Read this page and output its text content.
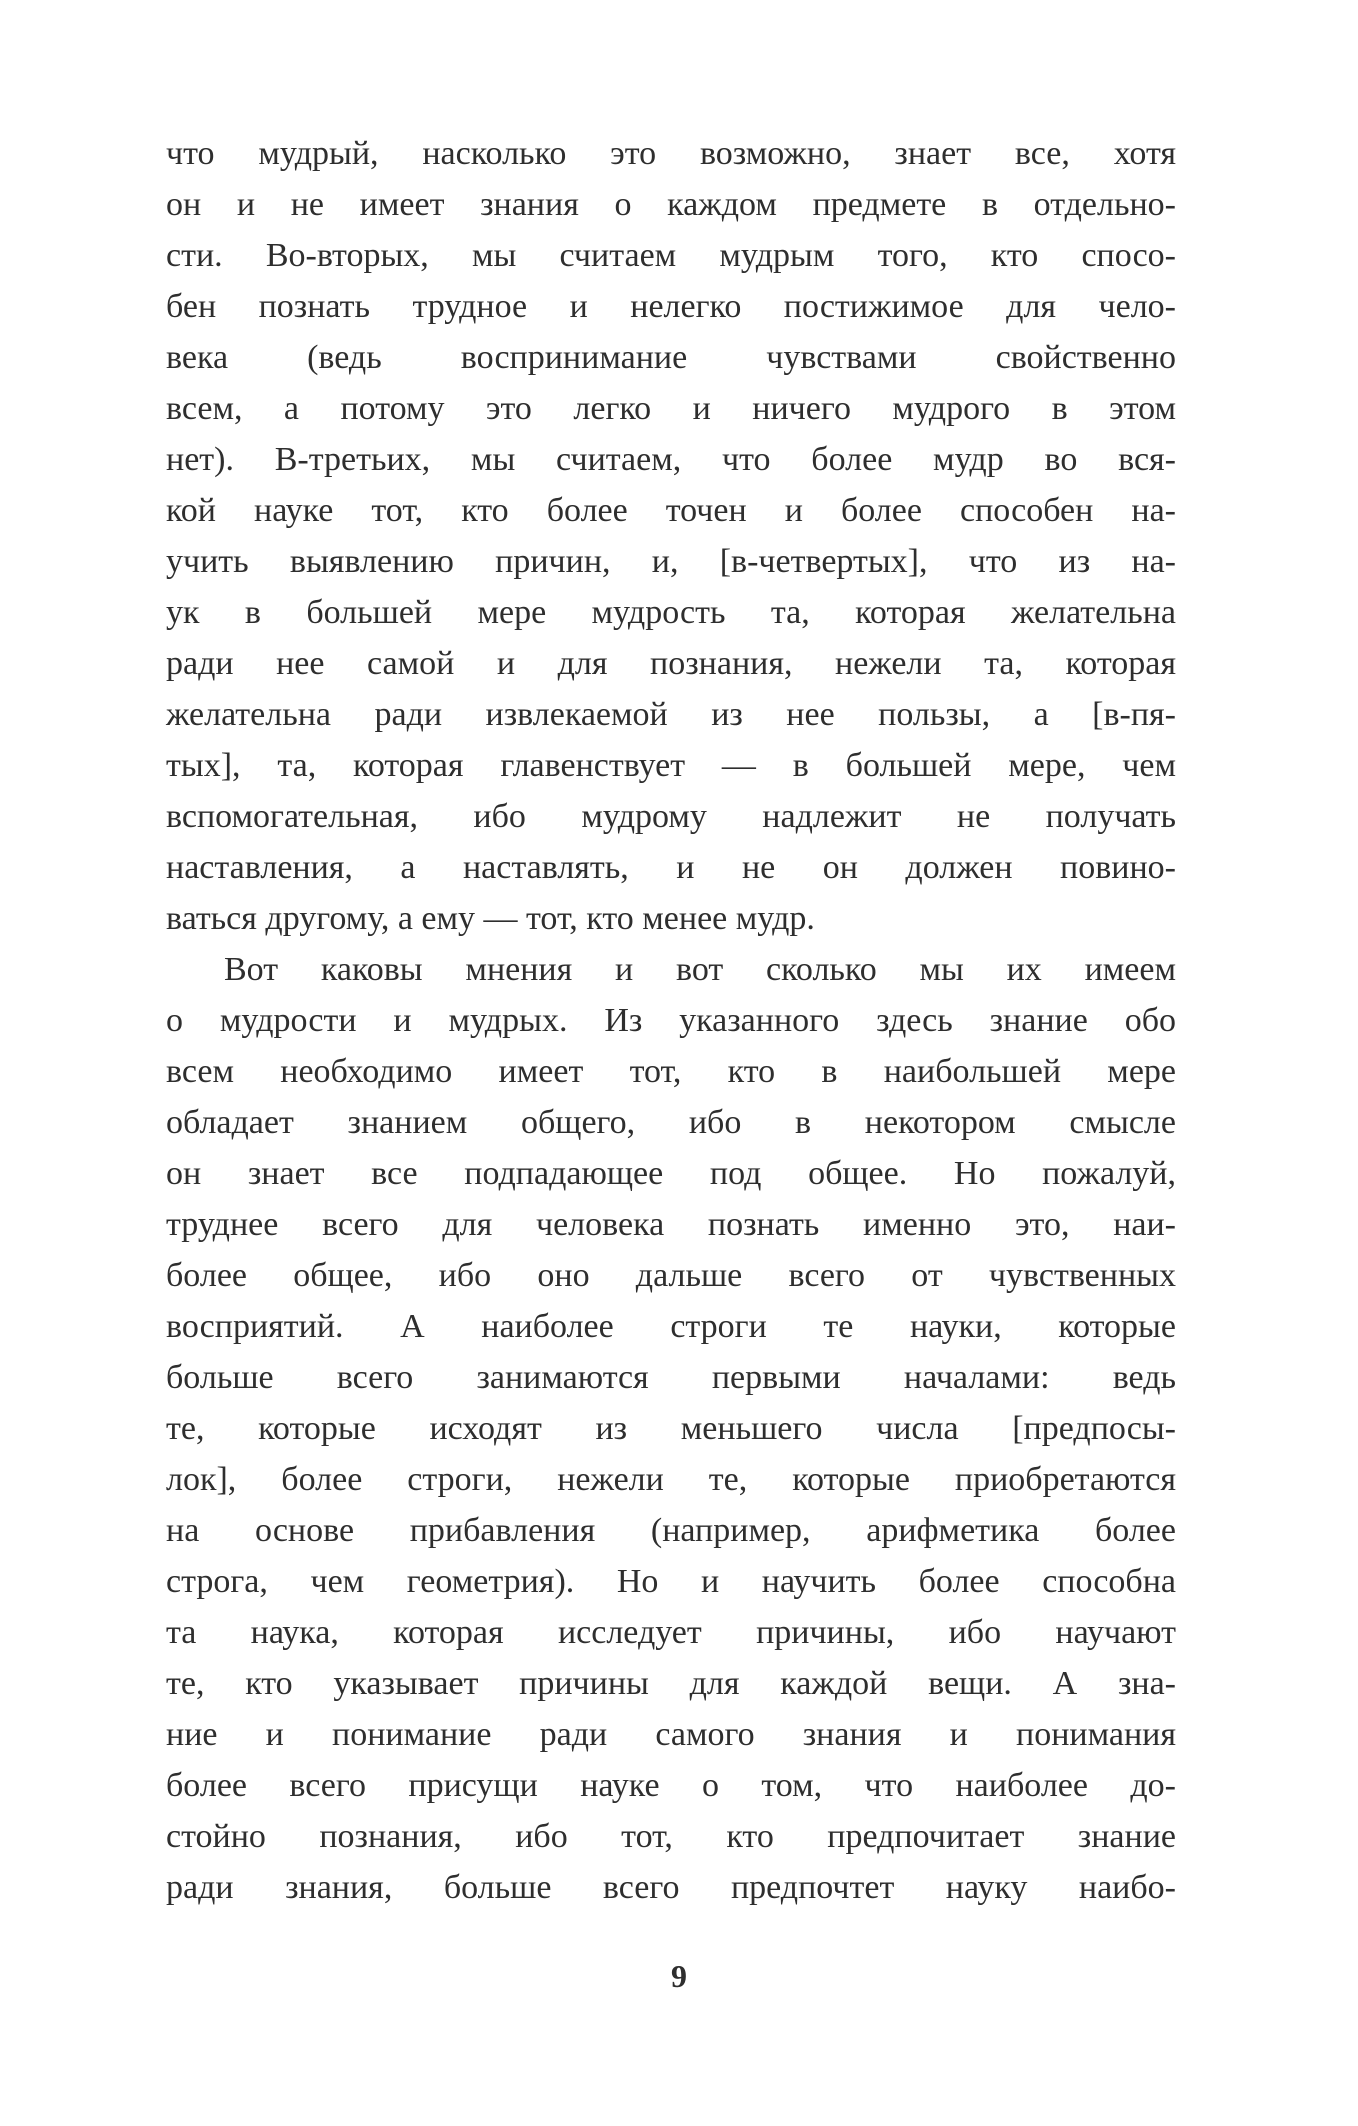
что мудрый, насколько это возможно, знает все, хотя
он и не имеет знания о каждом предмете в отдельно-
сти. Во-вторых, мы считаем мудрым того, кто спосо-
бен познать трудное и нелегко постижимое для чело-
века (ведь воспринимание чувствами свойственно
всем, а потому это легко и ничего мудрого в этом
нет). В-третьих, мы считаем, что более мудр во вся-
кой науке тот, кто более точен и более способен на-
учить выявлению причин, и, [в-четвертых], что из на-
ук в большей мере мудрость та, которая желательна
ради нее самой и для познания, нежели та, которая
желательна ради извлекаемой из нее пользы, а [в-пя-
тых], та, которая главенствует — в большей мере, чем
вспомогательная, ибо мудрому надлежит не получать
наставления, а наставлять, и не он должен повино-
ваться другому, а ему — тот, кто менее мудр.
Вот каковы мнения и вот сколько мы их имеем
о мудрости и мудрых. Из указанного здесь знание обо
всем необходимо имеет тот, кто в наибольшей мере
обладает знанием общего, ибо в некотором смысле
он знает все подпадающее под общее. Но пожалуй,
труднее всего для человека познать именно это, наи-
более общее, ибо оно дальше всего от чувственных
восприятий. А наиболее строги те науки, которые
больше всего занимаются первыми началами: ведь
те, которые исходят из меньшего числа [предпосы-
лок], более строги, нежели те, которые приобретаются
на основе прибавления (например, арифметика более
строга, чем геометрия). Но и научить более способна
та наука, которая исследует причины, ибо научают
те, кто указывает причины для каждой вещи. А зна-
ние и понимание ради самого знания и понимания
более всего присущи науке о том, что наиболее до-
стойно познания, ибо тот, кто предпочитает знание
ради знания, больше всего предпочтет науку наибо-
9
